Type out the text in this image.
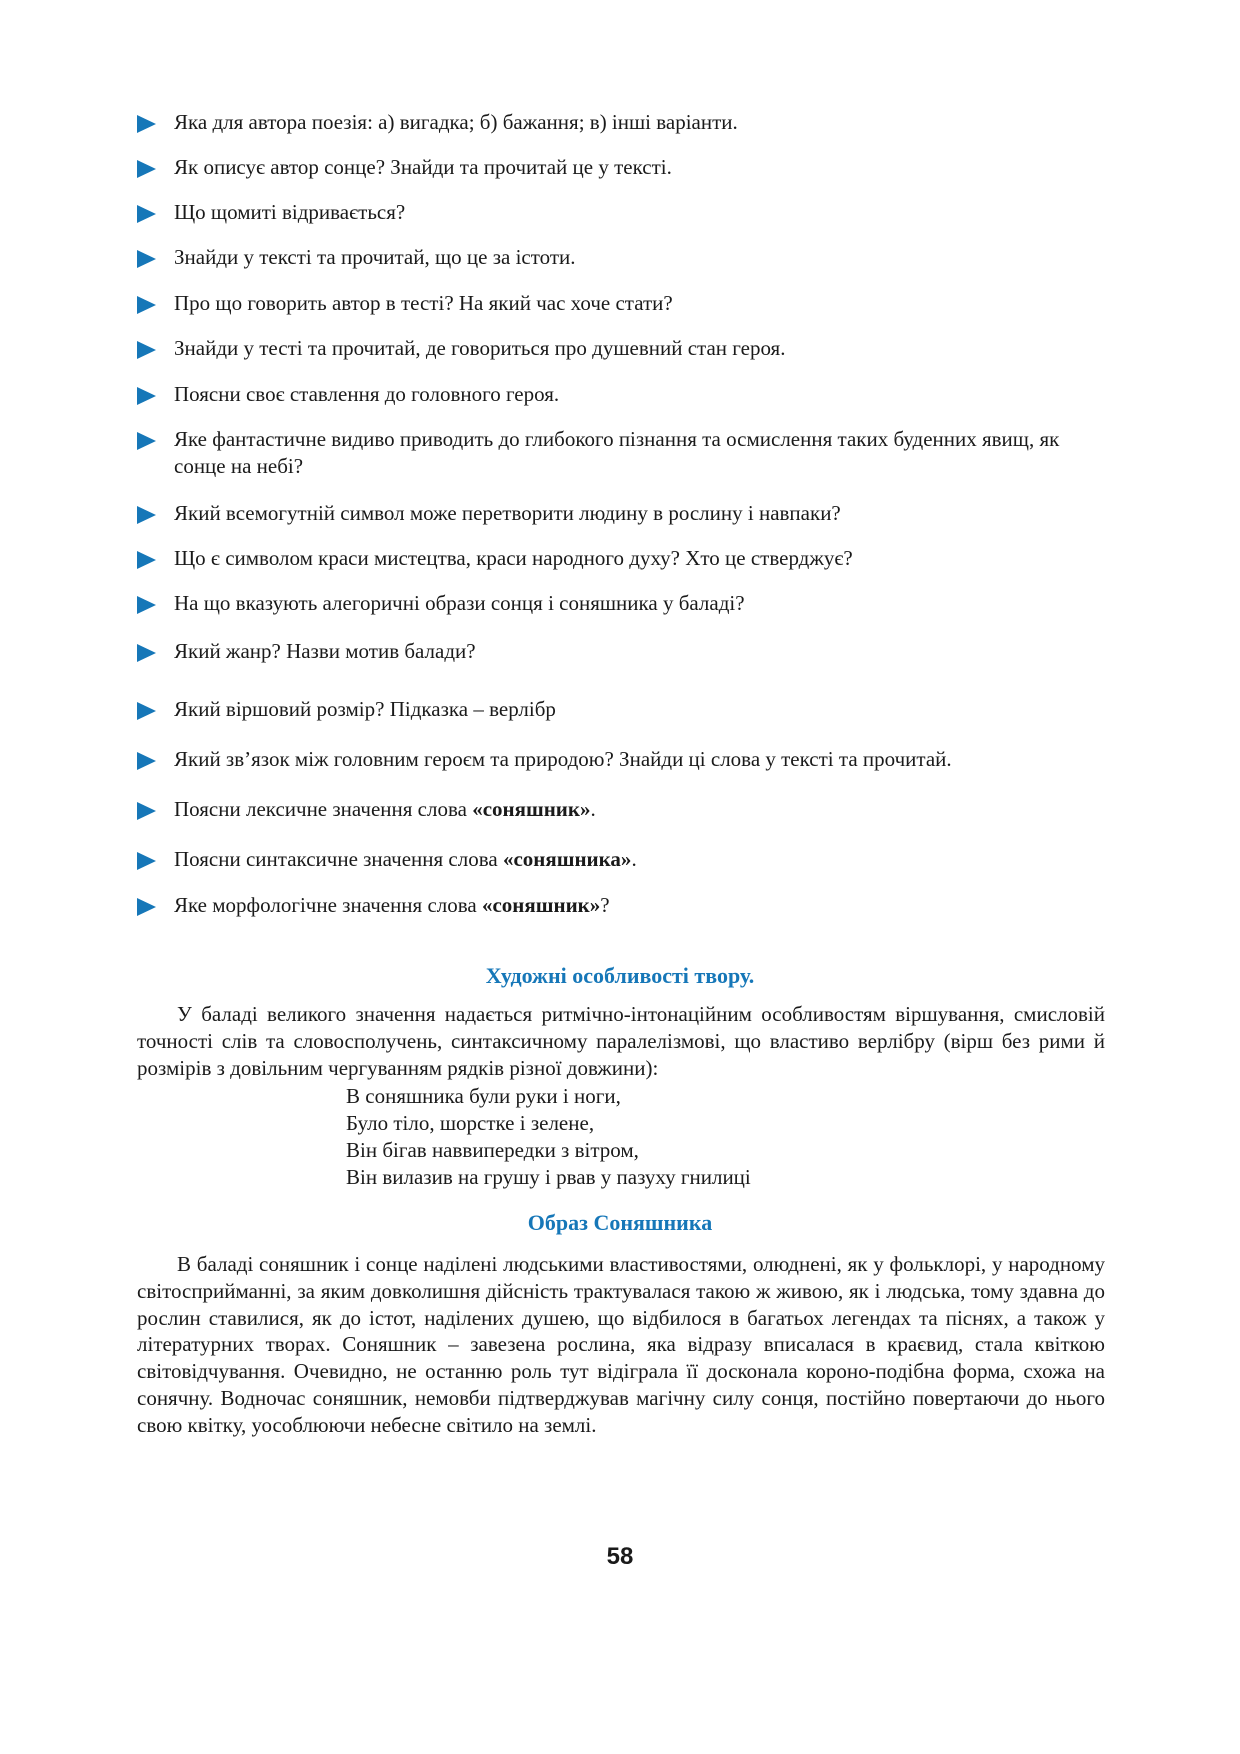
Яка для автора поезія: а) вигадка; б) бажання; в) інші варіанти.
Як описує автор сонце? Знайди та прочитай це у тексті.
Що щомиті відривається?
Знайди у тексті та прочитай, що це за істоти.
Про що говорить автор в тесті? На який час хоче стати?
Знайди у тесті та прочитай, де говориться про душевний стан героя.
Поясни своє ставлення до головного героя.
Яке фантастичне видиво приводить до глибокого пізнання та осмислення таких буденних явищ, як сонце на небі?
Який всемогутній символ може перетворити людину в рослину і навпаки?
Що є символом краси мистецтва, краси народного духу? Хто це стверджує?
На що вказують алегоричні образи сонця і соняшника у баладі?
Який жанр? Назви мотив балади?
Який віршовий розмір? Підказка – верлібр
Який зв’язок між головним героєм та природою? Знайди ці слова у тексті та прочитай.
Поясни лексичне значення слова «соняшник».
Поясни синтаксичне значення слова «соняшника».
Яке морфологічне значення слова «соняшник»?
Художні особливості твору.
У баладі великого значення надається ритмічно-інтонаційним особливостям віршування, смисловій точності слів та словосполучень, синтаксичному паралелізмові, що властиво верлібру (вірш без рими й розмірів з довільним чергуванням рядків різної довжини):
В соняшника були руки і ноги,
Було тіло, шорстке і зелене,
Він бігав наввипередки з вітром,
Він вилазив на грушу і рвав у пазуху гнилиці
Образ Соняшника
В баладі соняшник і сонце наділені людськими властивостями, олюднені, як у фольклорі, у народному світосприйманні, за яким довколишня дійсність трактувалася такою ж живою, як і людська, тому здавна до рослин ставилися, як до істот, наділених душею, що відбилося в багатьох легендах та піснях, а також у літературних творах. Соняшник – завезена рослина, яка відразу вписалася в краєвид, стала квіткою світовідчування. Очевидно, не останню роль тут відіграла її досконала короно-подібна форма, схожа на сонячну. Водночас соняшник, немовби підтверджував магічну силу сонця, постійно повертаючи до нього свою квітку, уособлюючи небесне світило на землі.
58
